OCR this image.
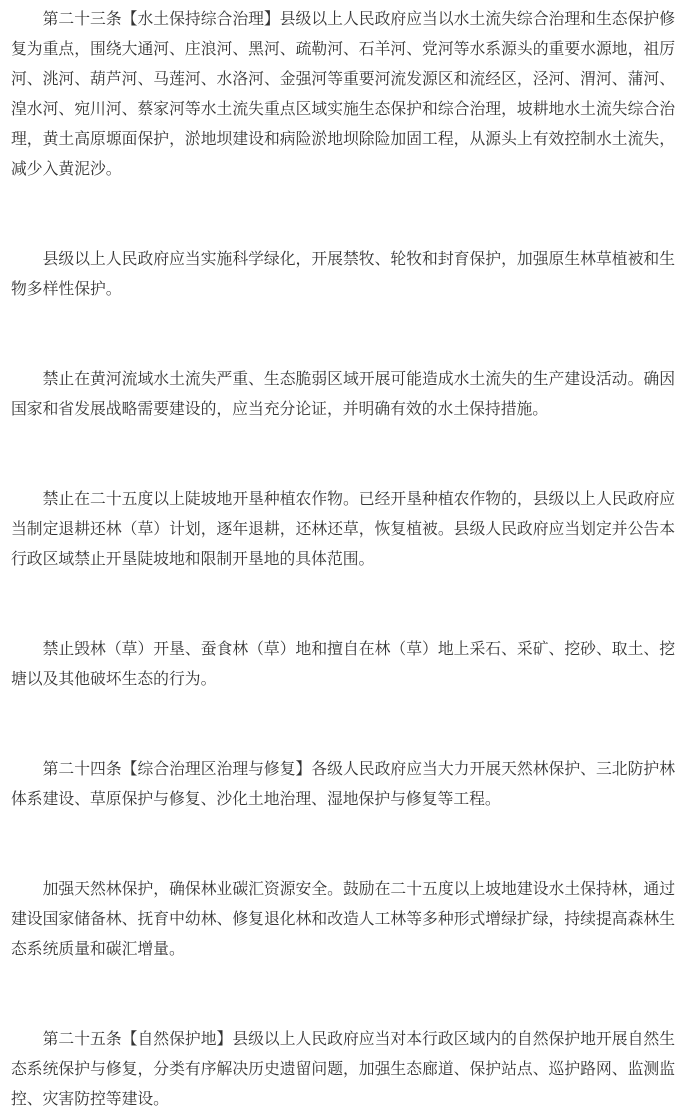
第二十三条【水土保持综合治理】县级以上人民政府应当以水土流失综合治理和生态保护修复为重点，围绕大通河、庄浪河、黑河、疏勒河、石羊河、党河等水系源头的重要水源地，祖厉河、洮河、葫芦河、马莲河、水洛河、金强河等重要河流发源区和流经区，泾河、渭河、蒲河、湟水河、宛川河、蔡家河等水土流失重点区域实施生态保护和综合治理，坡耕地水土流失综合治理，黄土高原塬面保护，淤地坝建设和病险淤地坝除险加固工程，从源头上有效控制水土流失，减少入黄泥沙。

县级以上人民政府应当实施科学绿化，开展禁牧、轮牧和封育保护，加强原生林草植被和生物多样性保护。

禁止在黄河流域水土流失严重、生态脆弱区域开展可能造成水土流失的生产建设活动。确因国家和省发展战略需要建设的，应当充分论证，并明确有效的水土保持措施。

禁止在二十五度以上陡坡地开垦种植农作物。已经开垦种植农作物的，县级以上人民政府应当制定退耕还林（草）计划，逐年退耕，还林还草，恢复植被。县级人民政府应当划定并公告本行政区域禁止开垦陡坡地和限制开垦地的具体范围。

禁止毁林（草）开垦、蚕食林（草）地和擅自在林（草）地上采石、采矿、挖砂、取土、挖塘以及其他破坏生态的行为。

第二十四条【综合治理区治理与修复】各级人民政府应当大力开展天然林保护、三北防护林体系建设、草原保护与修复、沙化土地治理、湿地保护与修复等工程。

加强天然林保护，确保林业碳汇资源安全。鼓励在二十五度以上坡地建设水土保持林，通过建设国家储备林、抚育中幼林、修复退化林和改造人工林等多种形式增绿扩绿，持续提高森林生态系统质量和碳汇增量。

第二十五条【自然保护地】县级以上人民政府应当对本行政区域内的自然保护地开展自然生态系统保护与修复，分类有序解决历史遗留问题，加强生态廊道、保护站点、巡护路网、监测监控、灾害防控等建设。
